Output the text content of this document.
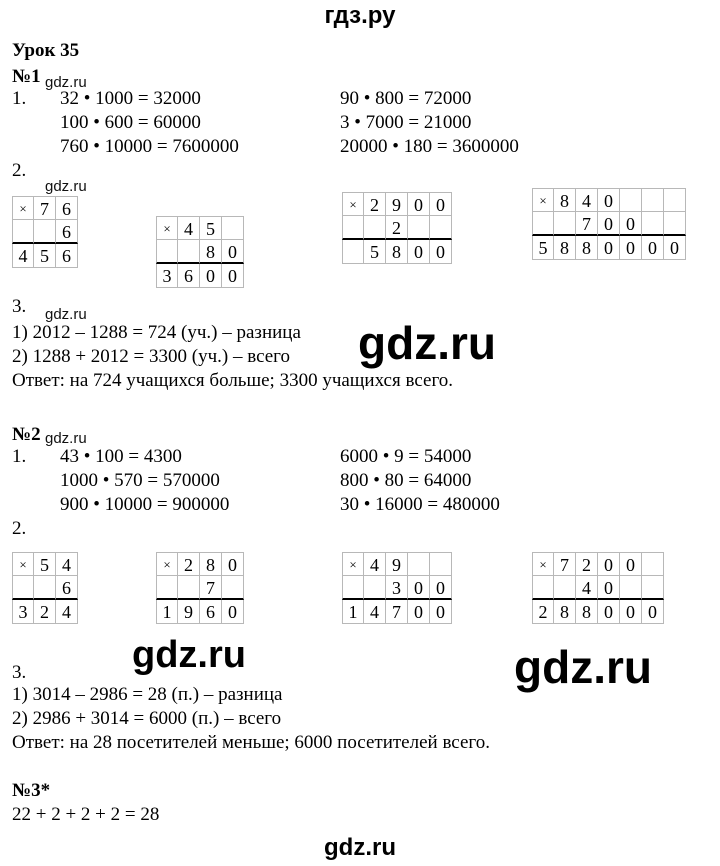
гдз.ру
Урок 35
№1 gdz.ru
1. 32 • 1000 = 32000
100 • 600 = 60000
760 • 10000 = 7600000
90 • 800 = 72000
3 • 7000 = 21000
20000 • 180 = 3600000
2.
gdz.ru
× 7 6
6
4 5 6
× 4 5
8 0
3 6 0 0
× 2 9 0 0
2
5 8 0 0
× 8 4 0
7 0 0
5 8 8 0 0 0 0
3. gdz.ru
1) 2012 – 1288 = 724 (уч.) – разница
2) 1288 + 2012 = 3300 (уч.) – всего
Ответ: на 724 учащихся больше; 3300 учащихся всего.
gdz.ru
№2 gdz.ru
1. 43 • 100 = 4300
1000 • 570 = 570000
900 • 10000 = 900000
6000 • 9 = 54000
800 • 80 = 64000
30 • 16000 = 480000
2.
× 5 4
6
3 2 4
× 2 8 0
7
1 9 6 0
× 4 9
3 0 0
1 4 7 0 0
× 7 2 0 0
4 0
2 8 8 0 0 0
gdz.ru	gdz.ru
3.
1) 3014 – 2986 = 28 (п.) – разница
2) 2986 + 3014 = 6000 (п.) – всего
Ответ: на 28 посетителей меньше; 6000 посетителей всего.
№3*
22 + 2 + 2 + 2 = 28
gdz.ru
